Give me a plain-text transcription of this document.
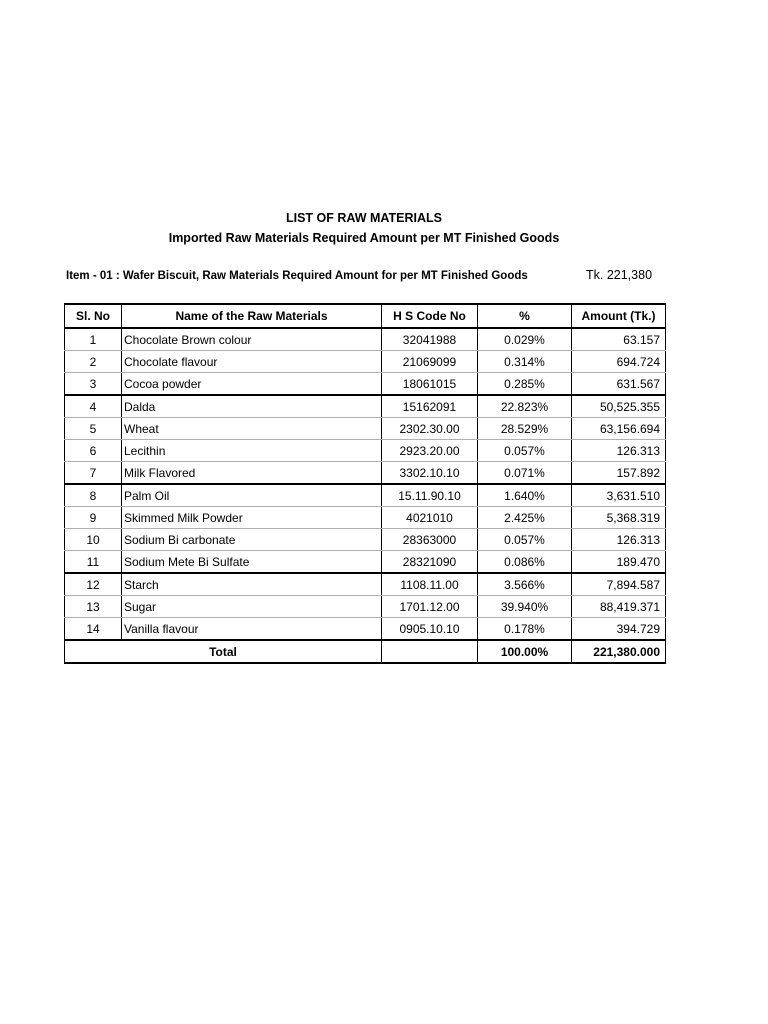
LIST OF RAW MATERIALS
Imported Raw Materials Required Amount per MT Finished Goods
Item - 01 : Wafer Biscuit, Raw Materials Required Amount for per MT Finished Goods	Tk. 221,380
Sl. No	Name of the Raw Materials	H S Code No	%	Amount (Tk.)
1	Chocolate Brown colour	32041988	0.029%	63.157
2	Chocolate flavour	21069099	0.314%	694.724
3	Cocoa powder	18061015	0.285%	631.567
4	Dalda	15162091	22.823%	50,525.355
5	Wheat	2302.30.00	28.529%	63,156.694
6	Lecithin	2923.20.00	0.057%	126.313
7	Milk Flavored	3302.10.10	0.071%	157.892
8	Palm Oil	15.11.90.10	1.640%	3,631.510
9	Skimmed Milk Powder	4021010	2.425%	5,368.319
10	Sodium Bi carbonate	28363000	0.057%	126.313
11	Sodium Mete Bi Sulfate	28321090	0.086%	189.470
12	Starch	1108.11.00	3.566%	7,894.587
13	Sugar	1701.12.00	39.940%	88,419.371
14	Vanilla flavour	0905.10.10	0.178%	394.729
Total			100.00%	221,380.000
